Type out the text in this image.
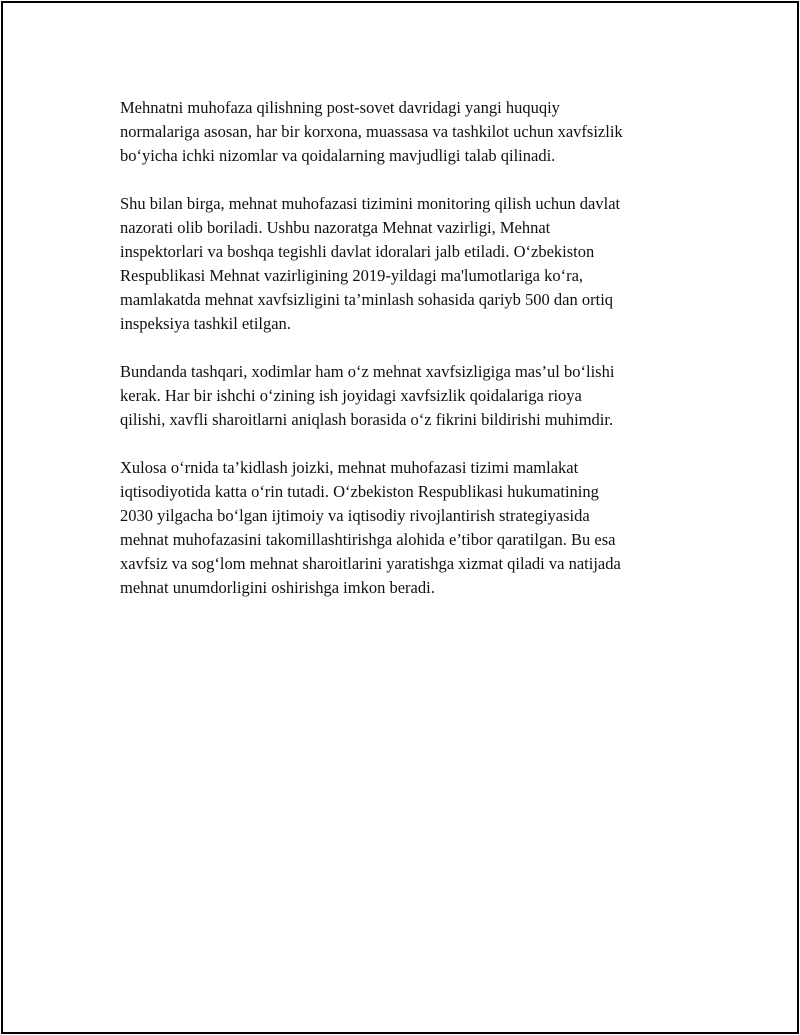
Mehnatni muhofaza qilishning post-sovet davridagi yangi huquqiy
normalariga asosan, har bir korxona, muassasa va tashkilot uchun xavfsizlik
bo‘yicha ichki nizomlar va qoidalarning mavjudligi talab qilinadi.

Shu bilan birga, mehnat muhofazasi tizimini monitoring qilish uchun davlat
nazorati olib boriladi. Ushbu nazoratga Mehnat vazirligi, Mehnat
inspektorlari va boshqa tegishli davlat idoralari jalb etiladi. O‘zbekiston
Respublikasi Mehnat vazirligining 2019-yildagi ma'lumotlariga ko‘ra,
mamlakatda mehnat xavfsizligini ta’minlash sohasida qariyb 500 dan ortiq
inspeksiya tashkil etilgan.

Bundanda tashqari, xodimlar ham o‘z mehnat xavfsizligiga mas’ul bo‘lishi
kerak. Har bir ishchi o‘zining ish joyidagi xavfsizlik qoidalariga rioya
qilishi, xavfli sharoitlarni aniqlash borasida o‘z fikrini bildirishi muhimdir.

Xulosa o‘rnida ta’kidlash joizki, mehnat muhofazasi tizimi mamlakat
iqtisodiyotida katta o‘rin tutadi. O‘zbekiston Respublikasi hukumatining
2030 yilgacha bo‘lgan ijtimoiy va iqtisodiy rivojlantirish strategiyasida
mehnat muhofazasini takomillashtirishga alohida e’tibor qaratilgan. Bu esa
xavfsiz va sog‘lom mehnat sharoitlarini yaratishga xizmat qiladi va natijada
mehnat unumdorligini oshirishga imkon beradi.
